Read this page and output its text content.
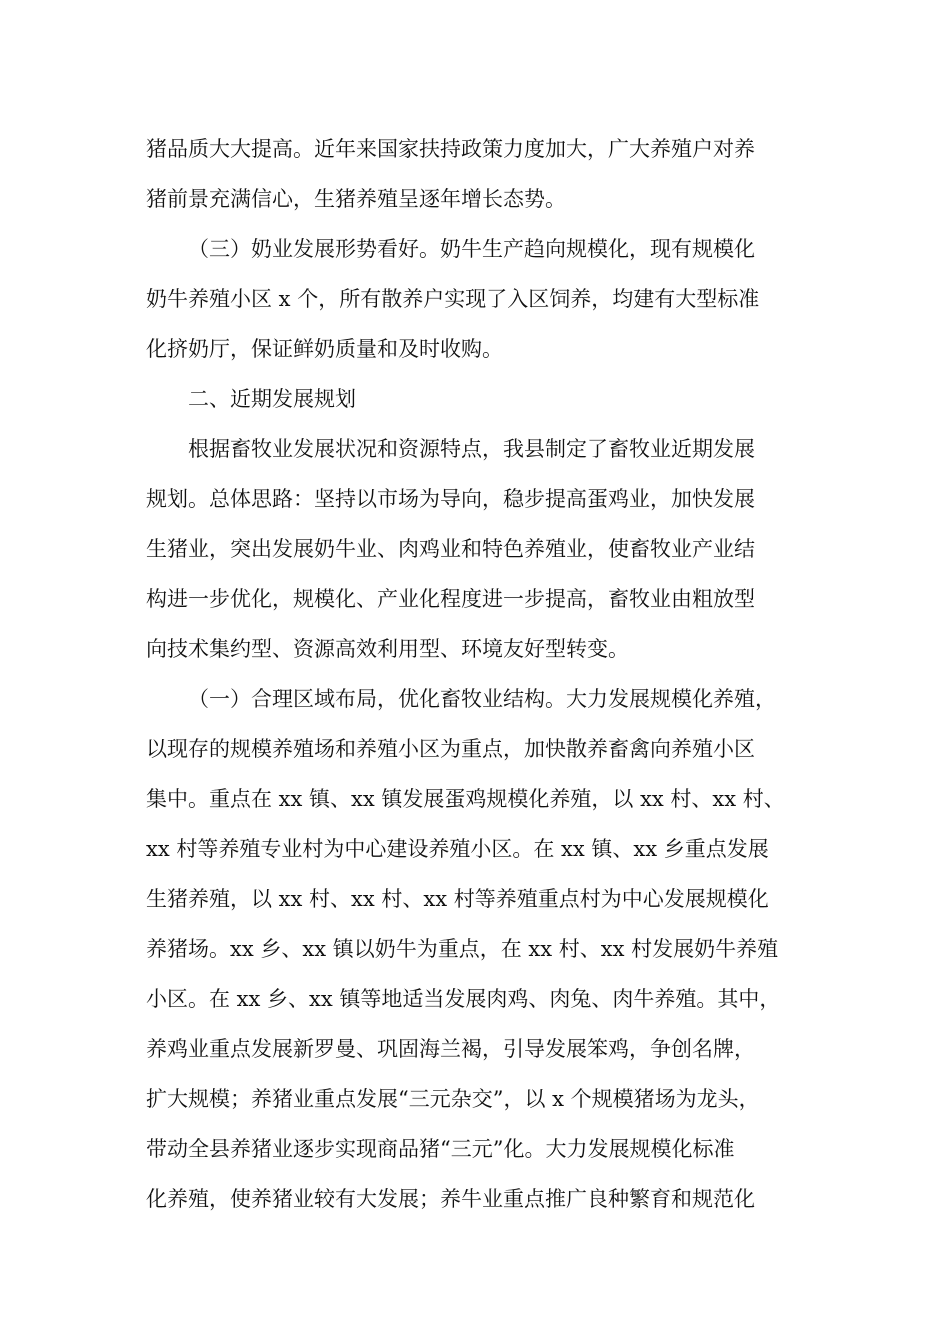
猪品质大大提高。近年来国家扶持政策力度加大，广大养殖户对养
猪前景充满信心，生猪养殖呈逐年增长态势。
（三）奶业发展形势看好。奶牛生产趋向规模化，现有规模化
奶牛养殖小区 x 个，所有散养户实现了入区饲养，均建有大型标准
化挤奶厅，保证鲜奶质量和及时收购。
二、近期发展规划
根据畜牧业发展状况和资源特点，我县制定了畜牧业近期发展
规划。总体思路：坚持以市场为导向，稳步提高蛋鸡业，加快发展
生猪业，突出发展奶牛业、肉鸡业和特色养殖业，使畜牧业产业结
构进一步优化，规模化、产业化程度进一步提高，畜牧业由粗放型
向技术集约型、资源高效利用型、环境友好型转变。
（一）合理区域布局，优化畜牧业结构。大力发展规模化养殖，
以现存的规模养殖场和养殖小区为重点，加快散养畜禽向养殖小区
集中。重点在 xx 镇、xx 镇发展蛋鸡规模化养殖，以 xx 村、xx 村、
xx 村等养殖专业村为中心建设养殖小区。在 xx 镇、xx 乡重点发展
生猪养殖，以 xx 村、xx 村、xx 村等养殖重点村为中心发展规模化
养猪场。xx 乡、xx 镇以奶牛为重点，在 xx 村、xx 村发展奶牛养殖
小区。在 xx 乡、xx 镇等地适当发展肉鸡、肉兔、肉牛养殖。其中，
养鸡业重点发展新罗曼、巩固海兰褐，引导发展笨鸡，争创名牌，
扩大规模；养猪业重点发展“三元杂交”，以 x 个规模猪场为龙头，
带动全县养猪业逐步实现商品猪“三元”化。大力发展规模化标准
化养殖，使养猪业较有大发展；养牛业重点推广良种繁育和规范化
